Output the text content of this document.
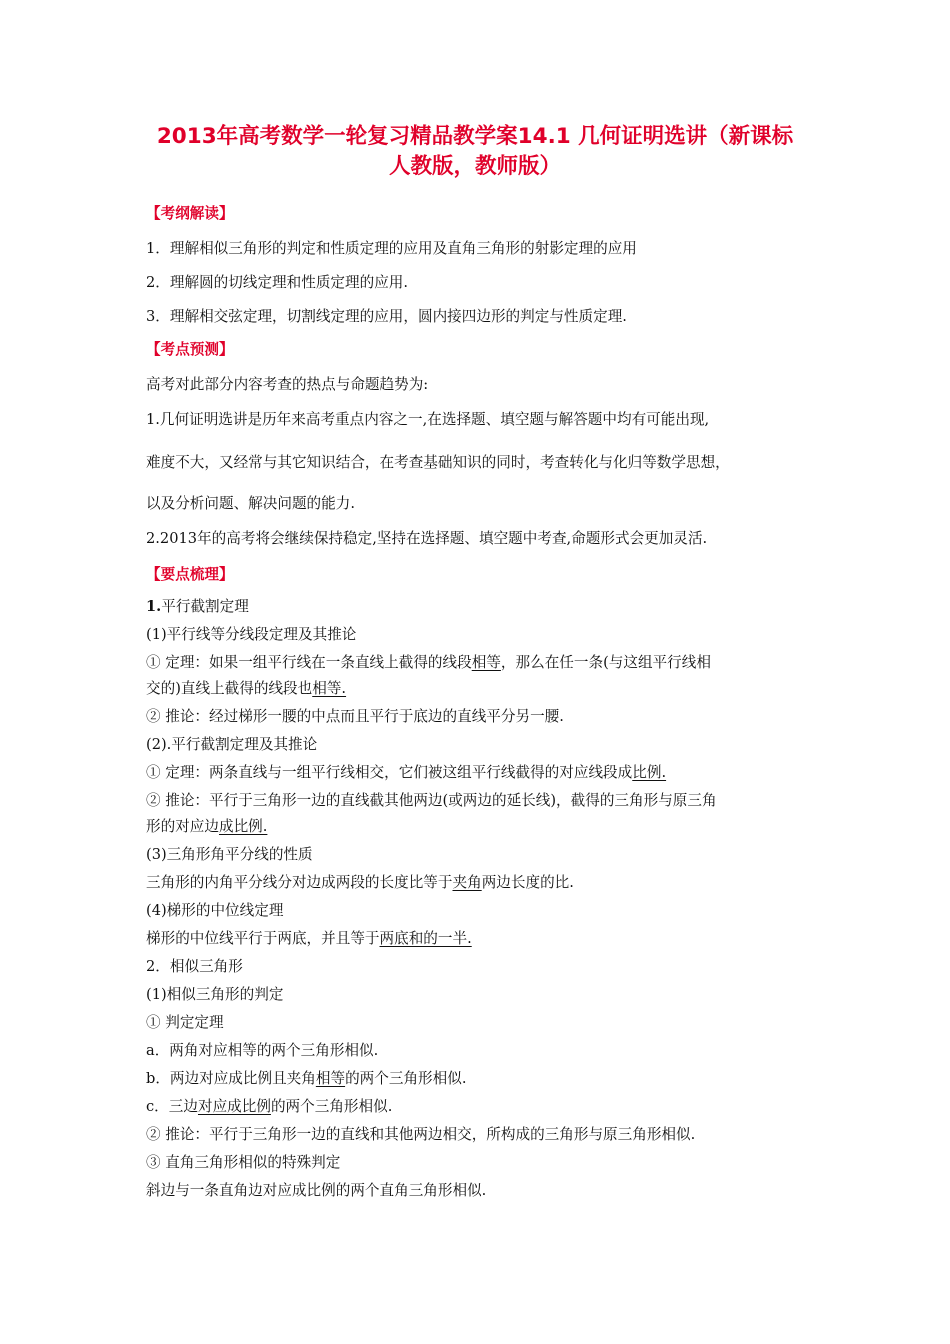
2013年高考数学一轮复习精品教学案14.1 几何证明选讲（新课标
人教版，教师版）
【考纲解读】
1．理解相似三角形的判定和性质定理的应用及直角三角形的射影定理的应用
2．理解圆的切线定理和性质定理的应用.
3．理解相交弦定理，切割线定理的应用，圆内接四边形的判定与性质定理.
【考点预测】
高考对此部分内容考查的热点与命题趋势为:
1.几何证明选讲是历年来高考重点内容之一,在选择题、填空题与解答题中均有可能出现,
难度不大，又经常与其它知识结合，在考查基础知识的同时，考查转化与化归等数学思想，
以及分析问题、解决问题的能力.
2.2013年的高考将会继续保持稳定,坚持在选择题、填空题中考查,命题形式会更加灵活.
【要点梳理】
1.平行截割定理
(1)平行线等分线段定理及其推论
① 定理：如果一组平行线在一条直线上截得的线段相等，那么在任一条(与这组平行线相
交的)直线上截得的线段也相等.
② 推论：经过梯形一腰的中点而且平行于底边的直线平分另一腰.
(2).平行截割定理及其推论
① 定理：两条直线与一组平行线相交，它们被这组平行线截得的对应线段成比例.
② 推论：平行于三角形一边的直线截其他两边(或两边的延长线)，截得的三角形与原三角
形的对应边成比例.
(3)三角形角平分线的性质
三角形的内角平分线分对边成两段的长度比等于夹角两边长度的比.
(4)梯形的中位线定理
梯形的中位线平行于两底，并且等于两底和的一半.
2．相似三角形
(1)相似三角形的判定
① 判定定理
a．两角对应相等的两个三角形相似.
b．两边对应成比例且夹角相等的两个三角形相似.
c．三边对应成比例的两个三角形相似.
② 推论：平行于三角形一边的直线和其他两边相交，所构成的三角形与原三角形相似.
③ 直角三角形相似的特殊判定
斜边与一条直角边对应成比例的两个直角三角形相似.
